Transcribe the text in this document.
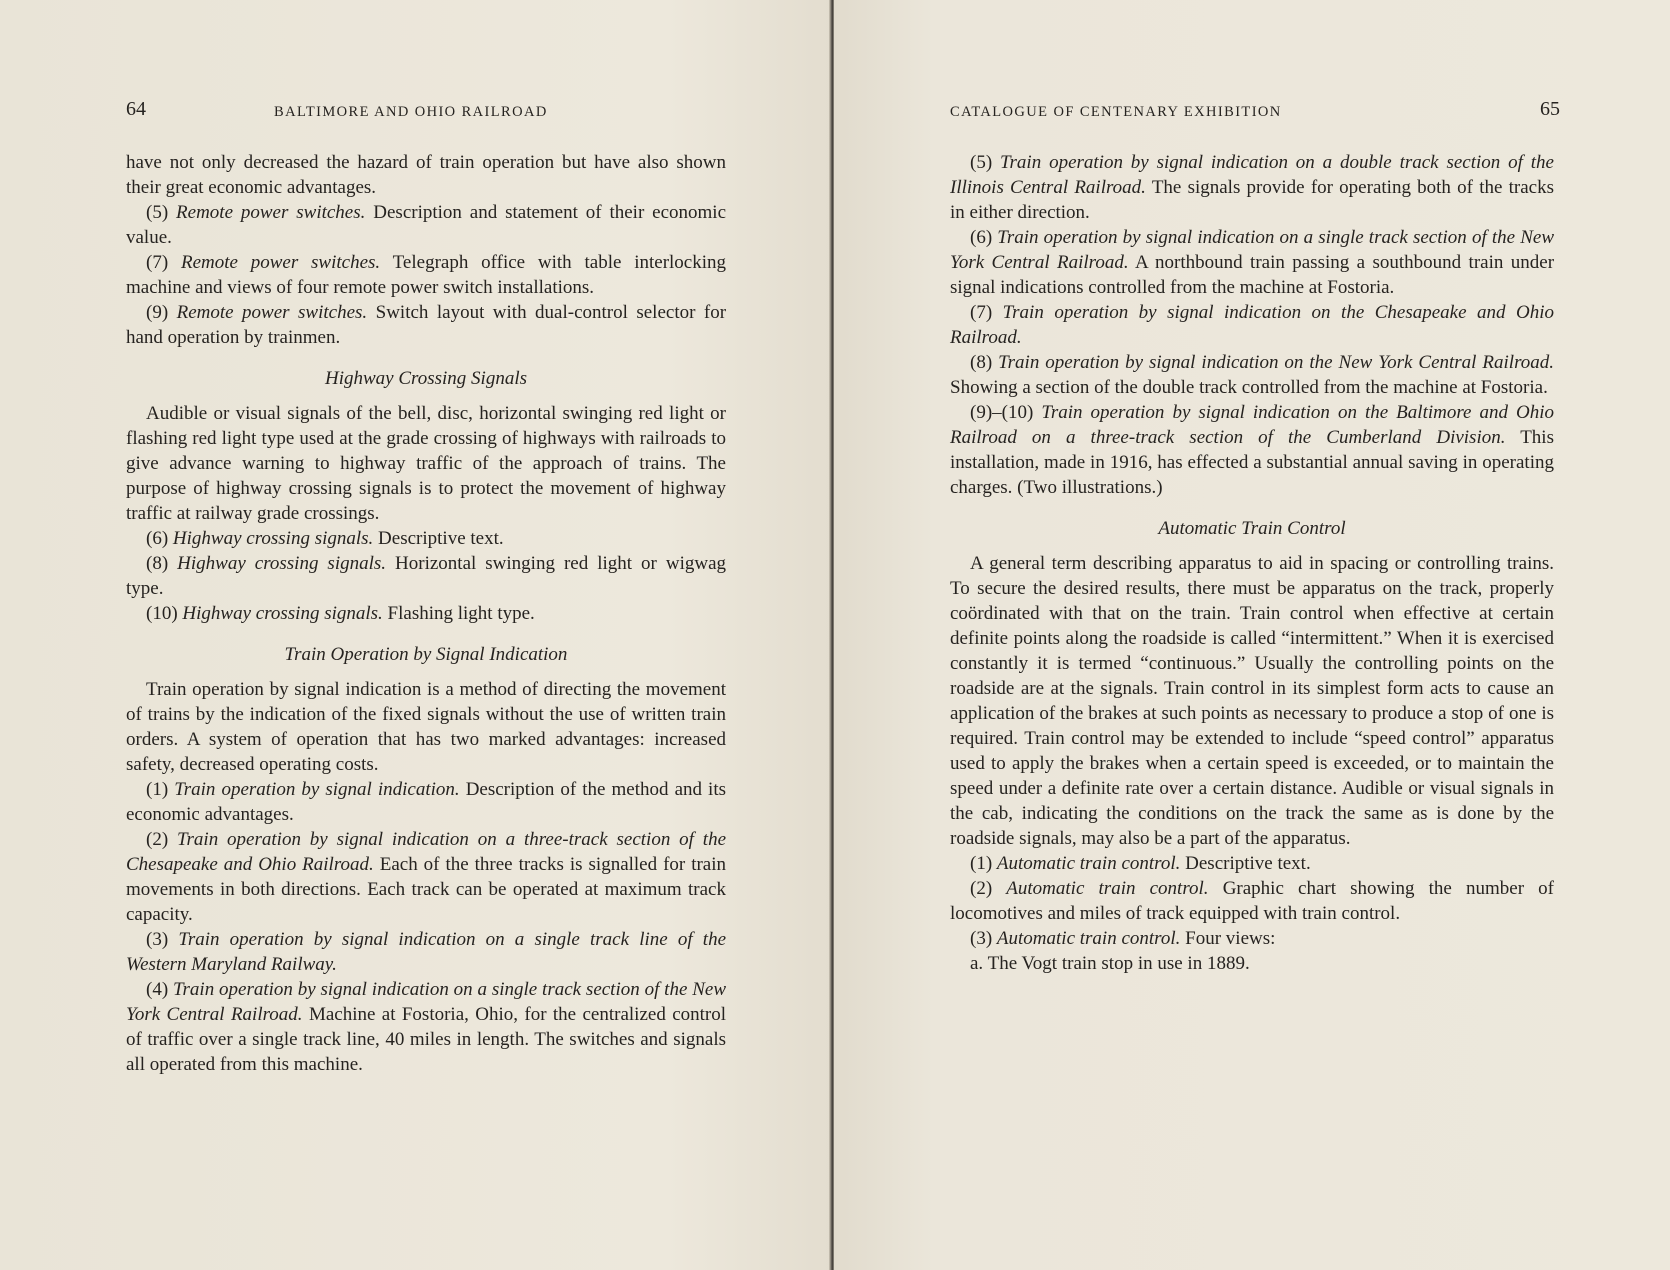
64	BALTIMORE AND OHIO RAILROAD

have not only decreased the hazard of train operation but have also shown their great economic advantages.

(5) Remote power switches. Description and statement of their economic value.

(7) Remote power switches. Telegraph office with table interlocking machine and views of four remote power switch installations.

(9) Remote power switches. Switch layout with dual-control selector for hand operation by trainmen.

Highway Crossing Signals

Audible or visual signals of the bell, disc, horizontal swinging red light or flashing red light type used at the grade crossing of highways with railroads to give advance warning to highway traffic of the approach of trains. The purpose of highway crossing signals is to protect the movement of highway traffic at railway grade crossings.

(6) Highway crossing signals. Descriptive text.

(8) Highway crossing signals. Horizontal swinging red light or wigwag type.

(10) Highway crossing signals. Flashing light type.

Train Operation by Signal Indication

Train operation by signal indication is a method of directing the movement of trains by the indication of the fixed signals without the use of written train orders. A system of operation that has two marked advantages: increased safety, decreased operating costs.

(1) Train operation by signal indication. Description of the method and its economic advantages.

(2) Train operation by signal indication on a three-track section of the Chesapeake and Ohio Railroad. Each of the three tracks is signalled for train movements in both directions. Each track can be operated at maximum track capacity.

(3) Train operation by signal indication on a single track line of the Western Maryland Railway.

(4) Train operation by signal indication on a single track section of the New York Central Railroad. Machine at Fostoria, Ohio, for the centralized control of traffic over a single track line, 40 miles in length. The switches and signals all operated from this machine.

CATALOGUE OF CENTENARY EXHIBITION	65

(5) Train operation by signal indication on a double track section of the Illinois Central Railroad. The signals provide for operating both of the tracks in either direction.

(6) Train operation by signal indication on a single track section of the New York Central Railroad. A northbound train passing a southbound train under signal indications controlled from the machine at Fostoria.

(7) Train operation by signal indication on the Chesapeake and Ohio Railroad.

(8) Train operation by signal indication on the New York Central Railroad. Showing a section of the double track controlled from the machine at Fostoria.

(9)–(10) Train operation by signal indication on the Baltimore and Ohio Railroad on a three-track section of the Cumberland Division. This installation, made in 1916, has effected a substantial annual saving in operating charges. (Two illustrations.)

Automatic Train Control

A general term describing apparatus to aid in spacing or controlling trains. To secure the desired results, there must be apparatus on the track, properly coördinated with that on the train. Train control when effective at certain definite points along the roadside is called “intermittent.” When it is exercised constantly it is termed “continuous.” Usually the controlling points on the roadside are at the signals. Train control in its simplest form acts to cause an application of the brakes at such points as necessary to produce a stop of one is required. Train control may be extended to include “speed control” apparatus used to apply the brakes when a certain speed is exceeded, or to maintain the speed under a definite rate over a certain distance. Audible or visual signals in the cab, indicating the conditions on the track the same as is done by the roadside signals, may also be a part of the apparatus.

(1) Automatic train control. Descriptive text.

(2) Automatic train control. Graphic chart showing the number of locomotives and miles of track equipped with train control.

(3) Automatic train control. Four views:

a. The Vogt train stop in use in 1889.
